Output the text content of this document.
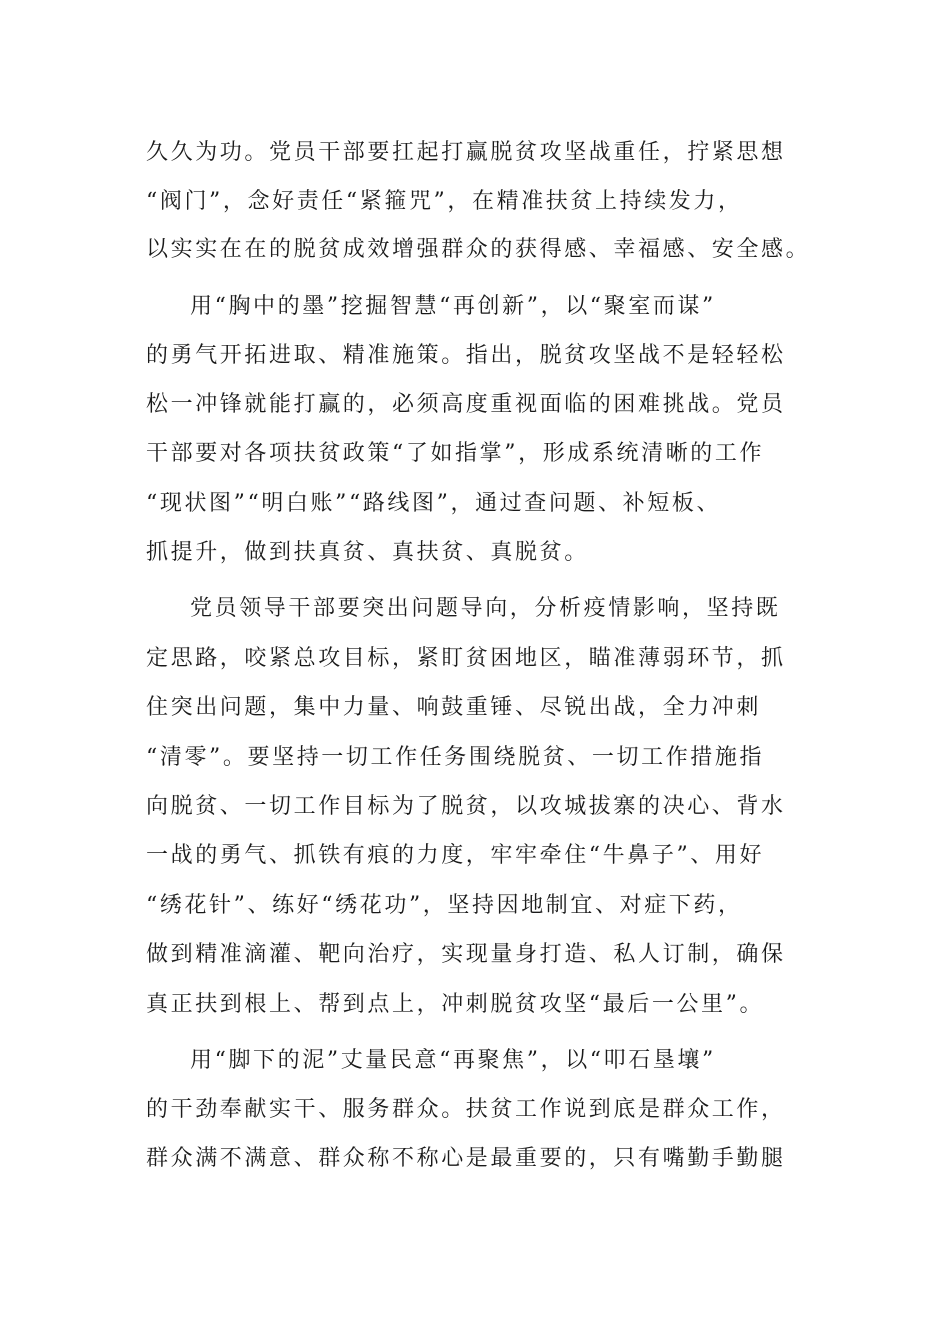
久久为功。党员干部要扛起打赢脱贫攻坚战重任，拧紧思想
“阀门”，念好责任“紧箍咒”，在精准扶贫上持续发力，
以实实在在的脱贫成效增强群众的获得感、幸福感、安全感。
用“胸中的墨”挖掘智慧“再创新”，以“聚室而谋”
的勇气开拓进取、精准施策。指出，脱贫攻坚战不是轻轻松
松一冲锋就能打赢的，必须高度重视面临的困难挑战。党员
干部要对各项扶贫政策“了如指掌”，形成系统清晰的工作
“现状图”“明白账”“路线图”，通过查问题、补短板、
抓提升，做到扶真贫、真扶贫、真脱贫。
党员领导干部要突出问题导向，分析疫情影响，坚持既
定思路，咬紧总攻目标，紧盯贫困地区，瞄准薄弱环节，抓
住突出问题，集中力量、响鼓重锤、尽锐出战，全力冲刺
“清零”。要坚持一切工作任务围绕脱贫、一切工作措施指
向脱贫、一切工作目标为了脱贫，以攻城拔寨的决心、背水
一战的勇气、抓铁有痕的力度，牢牢牵住“牛鼻子”、用好
“绣花针”、练好“绣花功”，坚持因地制宜、对症下药，
做到精准滴灌、靶向治疗，实现量身打造、私人订制，确保
真正扶到根上、帮到点上，冲刺脱贫攻坚“最后一公里”。
用“脚下的泥”丈量民意“再聚焦”，以“叩石垦壤”
的干劲奉献实干、服务群众。扶贫工作说到底是群众工作，
群众满不满意、群众称不称心是最重要的，只有嘴勤手勤腿
